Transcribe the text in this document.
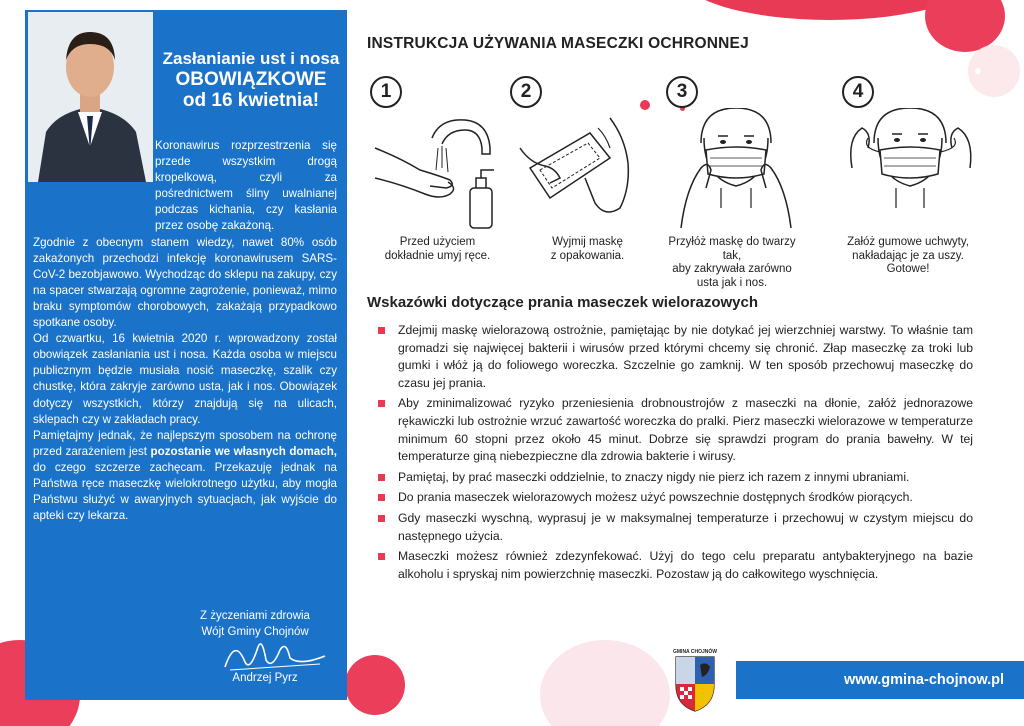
Zasłanianie ust i nosa
OBOWIĄZKOWE
od 16 kwietnia!

Koronawirus rozprzestrzenia się przede wszystkim drogą kropelkową, czyli za pośrednictwem śliny uwalnianej podczas kichania, czy kasłania przez osobę zakażoną.

Zgodnie z obecnym stanem wiedzy, nawet 80% osób zakażonych przechodzi infekcję koronawirusem SARS-CoV-2 bezobjawowo. Wychodząc do sklepu na zakupy, czy na spacer stwarzają ogromne zagrożenie, ponieważ, mimo braku symptomów chorobowych, zakażają przypadkowo spotkane osoby.

Od czwartku, 16 kwietnia 2020 r. wprowadzony został obowiązek zasłaniania ust i nosa. Każda osoba w miejscu publicznym będzie musiała nosić maseczkę, szalik czy chustkę, która zakryje zarówno usta, jak i nos. Obowiązek dotyczy wszystkich, którzy znajdują się na ulicach, sklepach czy w zakładach pracy.

Pamiętajmy jednak, że najlepszym sposobem na ochronę przed zarażeniem jest pozostanie we własnych domach, do czego szczerze zachęcam. Przekazuję jednak na Państwa ręce maseczkę wielokrotnego użytku, aby mogła Państwu służyć w awaryjnych sytuacjach, jak wyjście do apteki czy lekarza.

Z życzeniami zdrowia
Wójt Gminy Chojnów
Andrzej Pyrz
INSTRUKCJA UŻYWANIA MASECZKI OCHRONNEJ
1
Przed użyciem
dokładnie umyj ręce.
2
Wyjmij maskę
z opakowania.
3
Przyłóż maskę do twarzy tak,
aby zakrywała zarówno
usta jak i nos.
4
Załóż gumowe uchwyty,
nakładając je za uszy.
Gotowe!
Wskazówki dotyczące prania maseczek wielorazowych
Zdejmij maskę wielorazową ostrożnie, pamiętając by nie dotykać jej wierzchniej warstwy. To właśnie tam gromadzi się najwięcej bakterii i wirusów przed którymi chcemy się chronić. Złap maseczkę za troki lub gumki i włóż ją do foliowego woreczka. Szczelnie go zamknij. W ten sposób przechowuj maseczkę do czasu jej prania.
Aby zminimalizować ryzyko przeniesienia drobnoustrojów z maseczki na dłonie, załóż jednorazowe rękawiczki lub ostrożnie wrzuć zawartość woreczka do pralki. Pierz maseczki wielorazowe w temperaturze minimum 60 stopni przez około 45 minut. Dobrze się sprawdzi program do prania bawełny. W tej temperaturze giną niebezpieczne dla zdrowia bakterie i wirusy.
Pamiętaj, by prać maseczki oddzielnie, to znaczy nigdy nie pierz ich razem z innymi ubraniami.
Do prania maseczek wielorazowych możesz użyć powszechnie dostępnych środków piorących.
Gdy maseczki wyschną, wyprasuj je w maksymalnej temperaturze i przechowuj w czystym miejscu do następnego użycia.
Maseczki możesz również zdezynfekować. Użyj do tego celu preparatu antybakteryjnego na bazie alkoholu i spryskaj nim powierzchnię maseczki. Pozostaw ją do całkowitego wyschnięcia.
GMINA CHOJNÓW
www.gmina-chojnow.pl
